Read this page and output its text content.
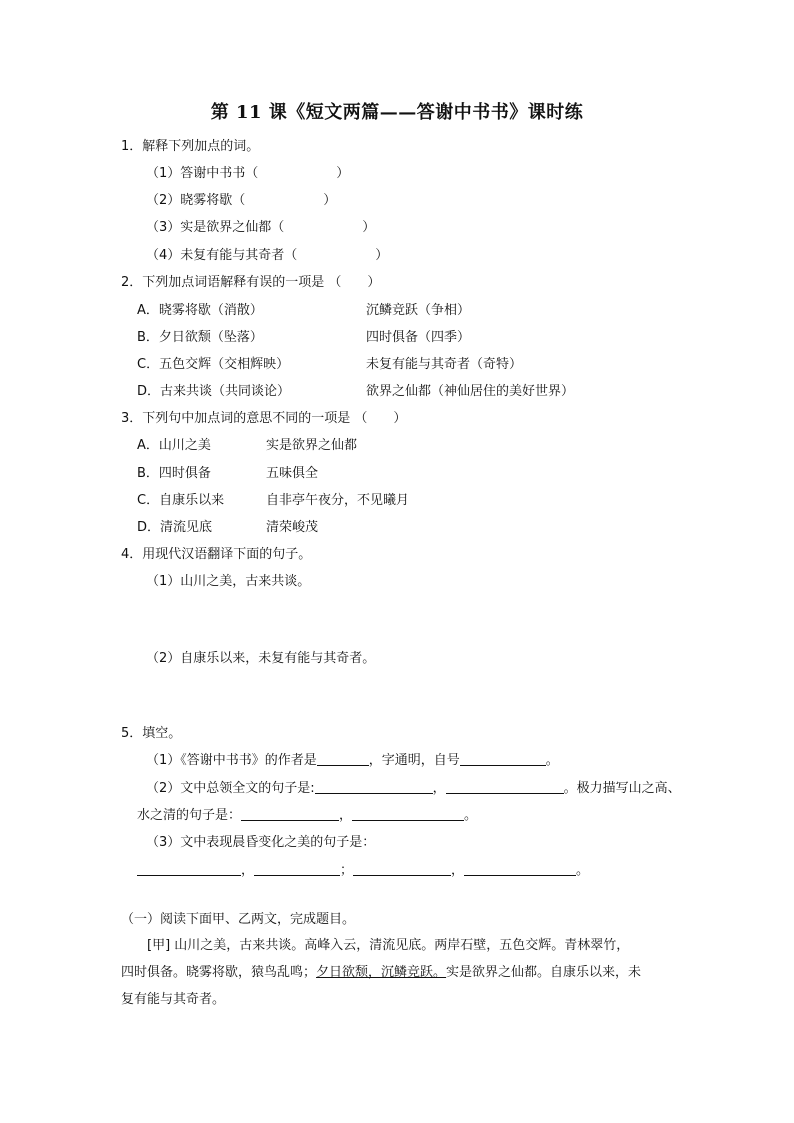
第 11 课《短文两篇——答谢中书书》课时练
1．解释下列加点的词。
（1）答谢中书书（　　　　　　）
（2）晓雾将歇（　　　　　　）
（3）实是欲界之仙都（　　　　　　）
（4）未复有能与其奇者（　　　　　　）
2．下列加点词语解释有误的一项是 （　　）
A．晓雾将歇（消散）	沉鳞竞跃（争相）
B．夕日欲颓（坠落）	四时俱备（四季）
C．五色交辉（交相辉映）	未复有能与其奇者（奇特）
D．古来共谈（共同谈论）	欲界之仙都（神仙居住的美好世界）
3．下列句中加点词的意思不同的一项是 （　　）
A．山川之美	实是欲界之仙都
B．四时俱备	五味俱全
C．自康乐以来	自非亭午夜分，不见曦月
D．清流见底	清荣峻茂
4．用现代汉语翻译下面的句子。
（1）山川之美，古来共谈。
（2）自康乐以来，未复有能与其奇者。
5．填空。
（1）《答谢中书书》的作者是	，字通明，自号	。
（2）文中总领全文的句子是:	，	。极力描写山之高、
水之清的句子是：	，	。
（3）文中表现晨昏变化之美的句子是：
，	；	，	。
（一）阅读下面甲、乙两文，完成题目。
[甲] 山川之美，古来共谈。高峰入云，清流见底。两岸石壁，五色交辉。青林翠竹，
四时俱备。晓雾将歇，猿鸟乱鸣；夕日欲颓，沉鳞竞跃。实是欲界之仙都。自康乐以来，未
复有能与其奇者。
